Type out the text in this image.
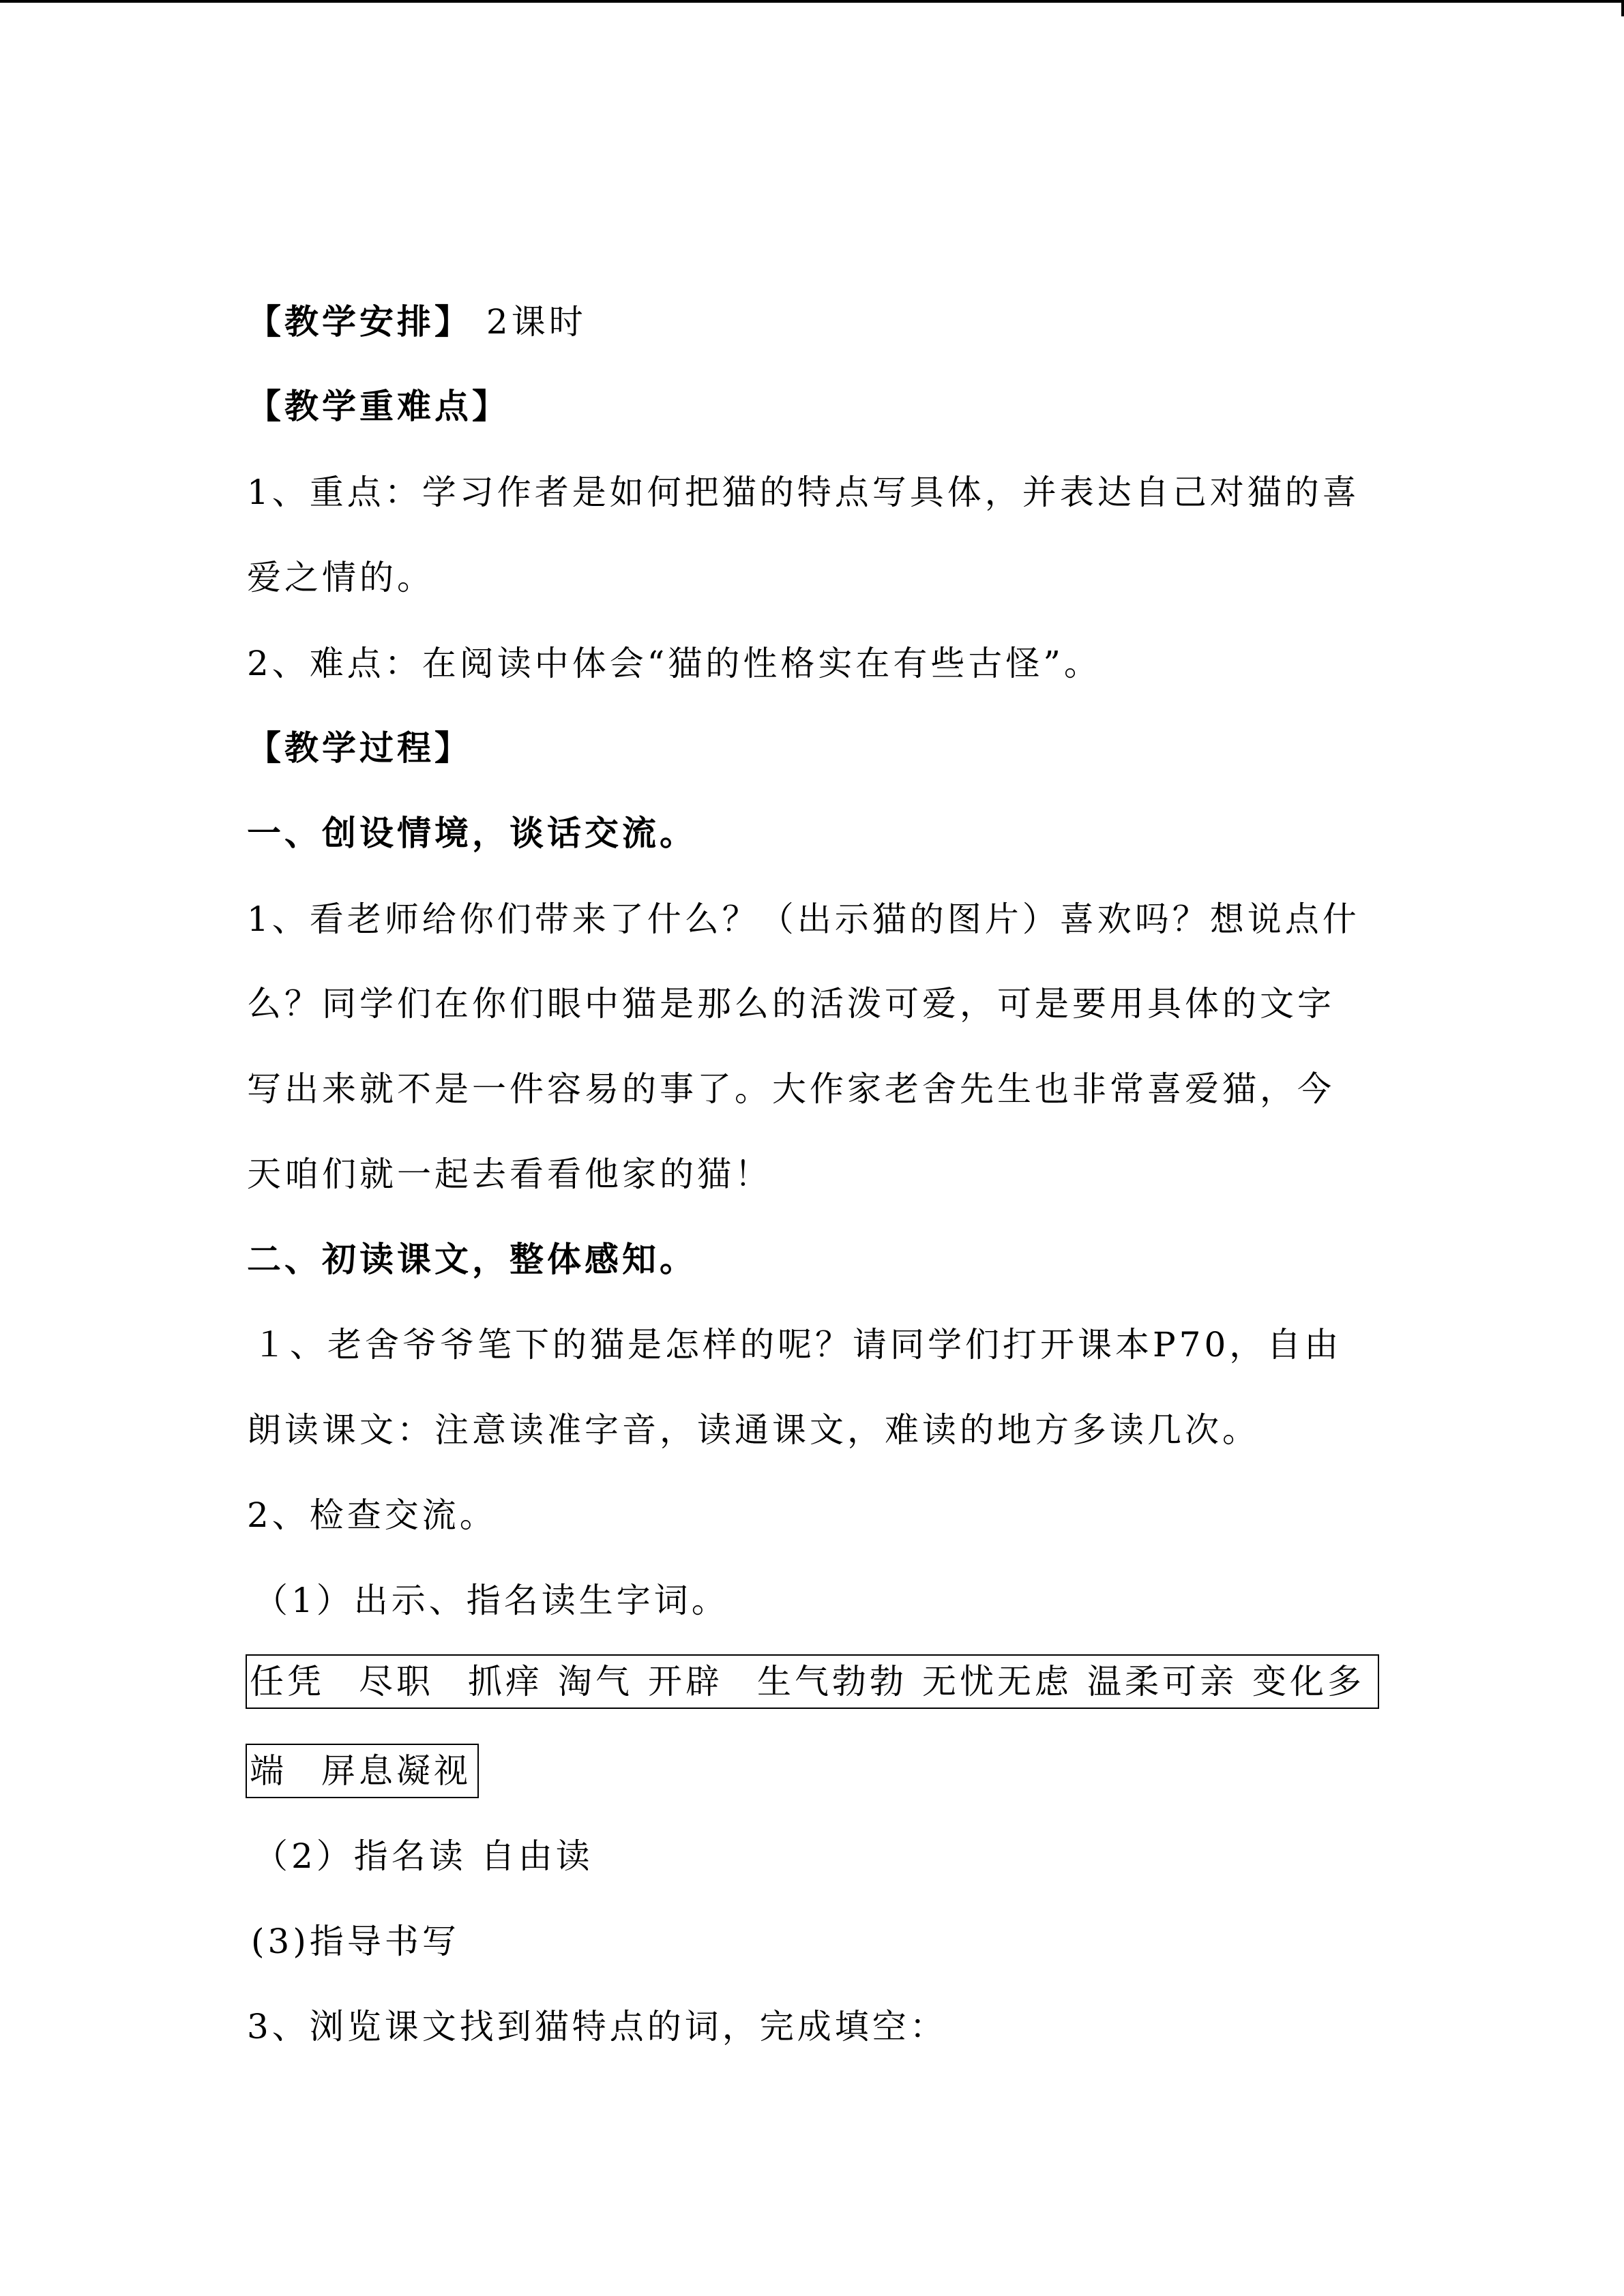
【教学安排】 2课时
【教学重难点】
1、重点：学习作者是如何把猫的特点写具体，并表达自己对猫的喜
爱之情的。
2、难点：在阅读中体会“猫的性格实在有些古怪”。
【教学过程】
一、创设情境，谈话交流。
1、看老师给你们带来了什么？（出示猫的图片）喜欢吗？想说点什
么？同学们在你们眼中猫是那么的活泼可爱，可是要用具体的文字
写出来就不是一件容易的事了。大作家老舍先生也非常喜爱猫，今
天咱们就一起去看看他家的猫！
二、初读课文，整体感知。
１、老舍爷爷笔下的猫是怎样的呢？请同学们打开课本P70，自由
朗读课文：注意读准字音，读通课文，难读的地方多读几次。
2、检查交流。
（1）出示、指名读生字词。
任凭 尽职 抓痒 淘气 开辟 生气勃勃 无忧无虑 温柔可亲 变化多
端 屏息凝视
（2）指名读 自由读
(3)指导书写
3、浏览课文找到猫特点的词，完成填空：
